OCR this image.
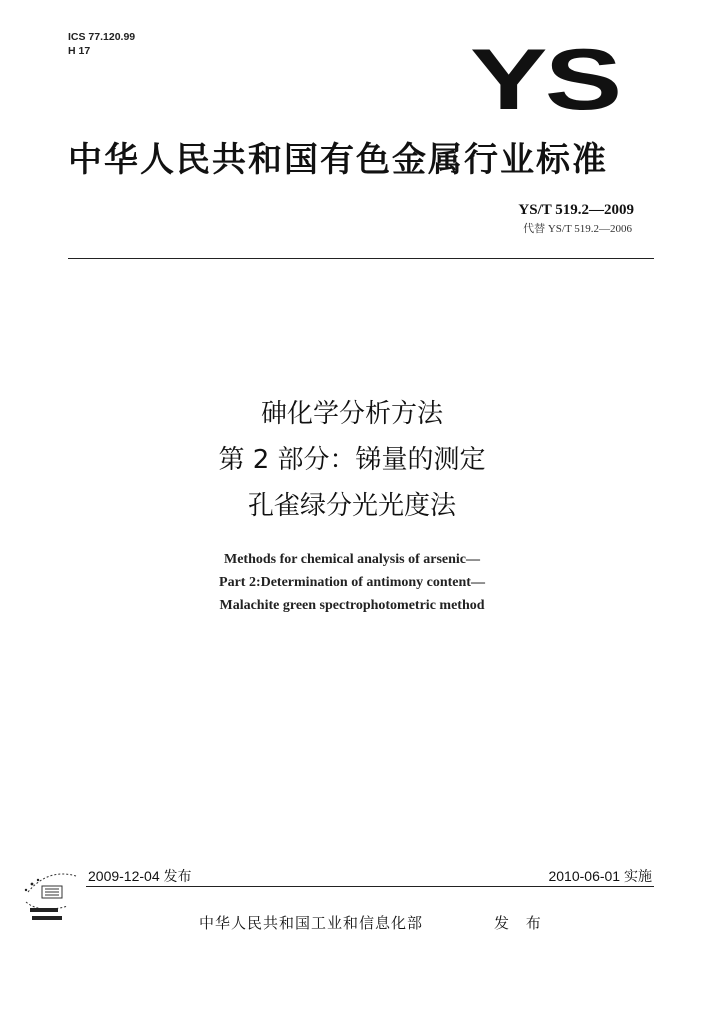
ICS 77.120.99
H 17	YS
中华人民共和国有色金属行业标准
YS/T 519.2—2009
代替 YS/T 519.2—2006
砷化学分析方法
第 2 部分：锑量的测定
孔雀绿分光光度法
Methods for chemical analysis of arsenic—
Part 2:Determination of antimony content—
Malachite green spectrophotometric method
2009-12-04 发布	2010-06-01 实施
中华人民共和国工业和信息化部	发 布
